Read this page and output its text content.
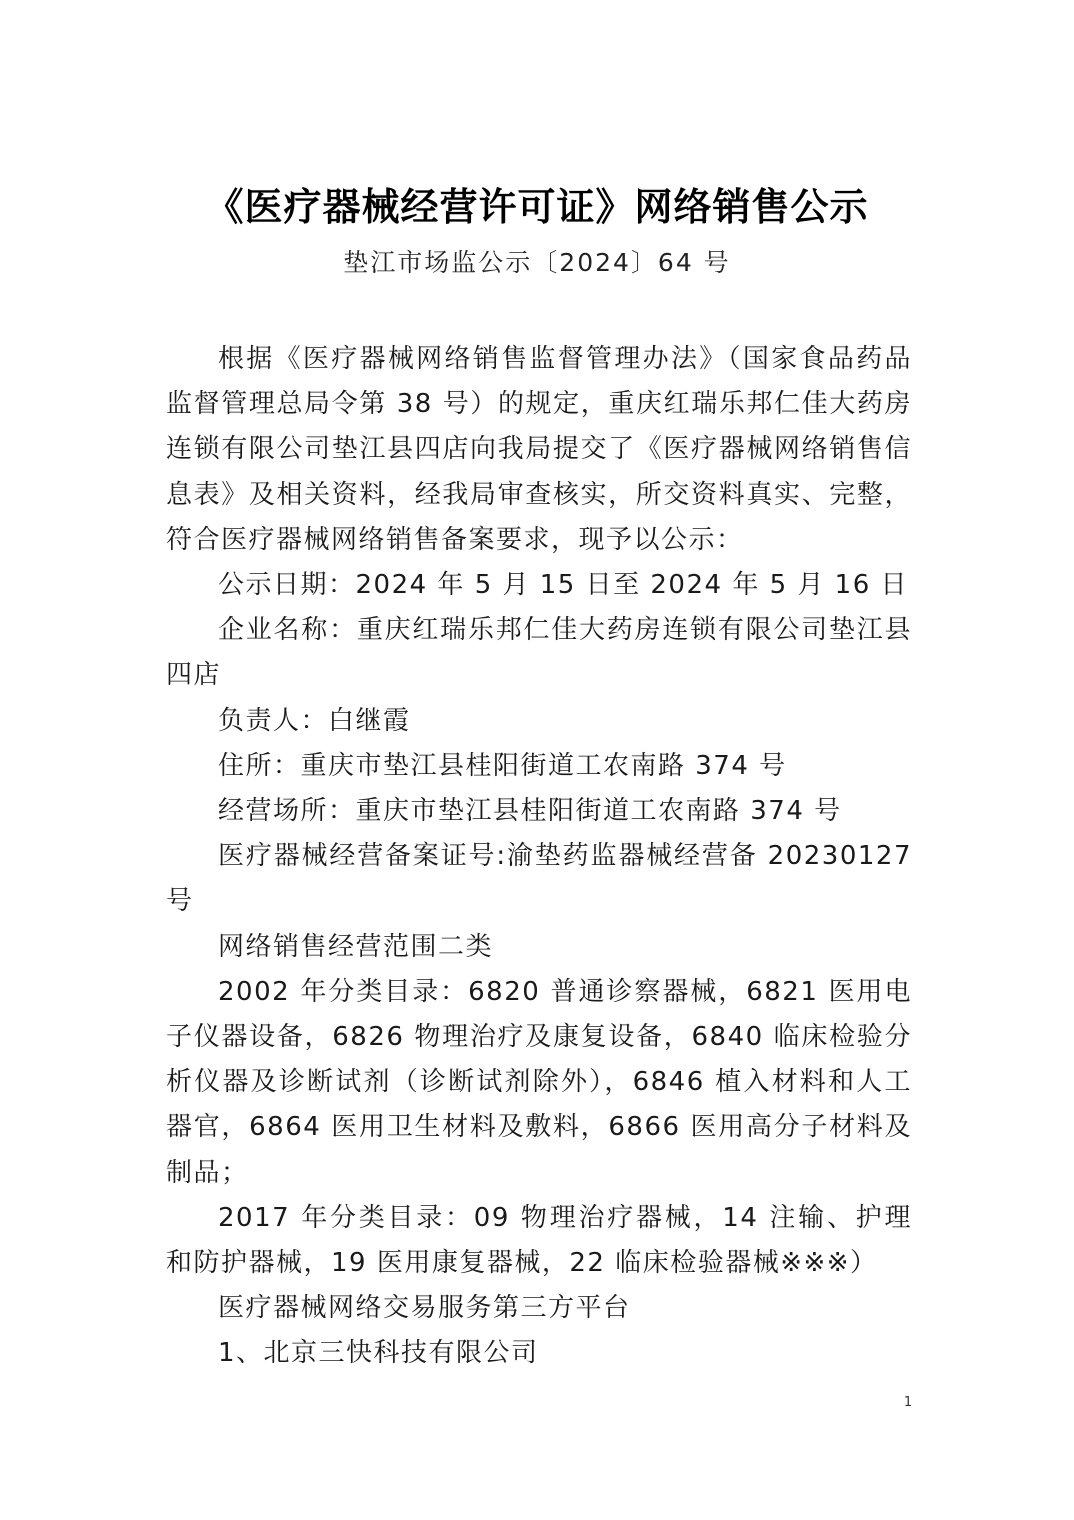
《医疗器械经营许可证》网络销售公示
垫江市场监公示〔2024〕64 号

根据《医疗器械网络销售监督管理办法》（国家食品药品监督管理总局令第 38 号）的规定，重庆红瑞乐邦仁佳大药房连锁有限公司垫江县四店向我局提交了《医疗器械网络销售信息表》及相关资料，经我局审查核实，所交资料真实、完整，符合医疗器械网络销售备案要求，现予以公示：

公示日期：2024 年 5 月 15 日至 2024 年 5 月 16 日

企业名称：重庆红瑞乐邦仁佳大药房连锁有限公司垫江县四店

负责人：白继霞

住所：重庆市垫江县桂阳街道工农南路 374 号

经营场所：重庆市垫江县桂阳街道工农南路 374 号

医疗器械经营备案证号:渝垫药监器械经营备 20230127 号

网络销售经营范围二类

2002 年分类目录：6820 普通诊察器械，6821 医用电子仪器设备，6826 物理治疗及康复设备，6840 临床检验分析仪器及诊断试剂（诊断试剂除外），6846 植入材料和人工器官，6864 医用卫生材料及敷料，6866 医用高分子材料及制品；

2017 年分类目录：09 物理治疗器械，14 注输、护理和防护器械，19 医用康复器械，22 临床检验器械※※※）

医疗器械网络交易服务第三方平台

1、北京三快科技有限公司

1
